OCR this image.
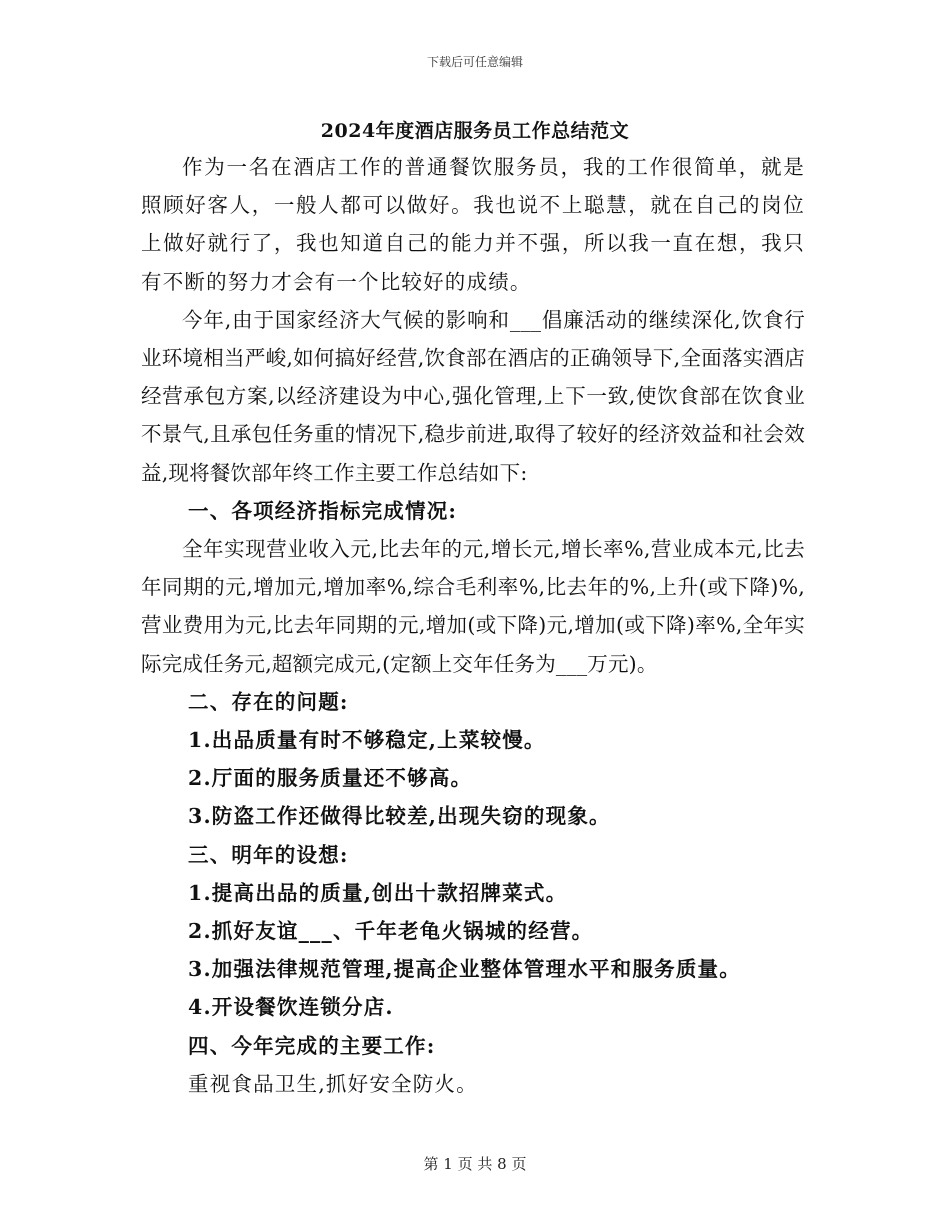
下载后可任意编辑
2024年度酒店服务员工作总结范文

作为一名在酒店工作的普通餐饮服务员，我的工作很简单，就是照顾好客人，一般人都可以做好。我也说不上聪慧，就在自己的岗位上做好就行了，我也知道自己的能力并不强，所以我一直在想，我只有不断的努力才会有一个比较好的成绩。

今年,由于国家经济大气候的影响和___倡廉活动的继续深化,饮食行业环境相当严峻,如何搞好经营,饮食部在酒店的正确领导下,全面落实酒店经营承包方案,以经济建设为中心,强化管理,上下一致,使饮食部在饮食业不景气,且承包任务重的情况下,稳步前进,取得了较好的经济效益和社会效益,现将餐饮部年终工作主要工作总结如下:

一、各项经济指标完成情况:

全年实现营业收入元,比去年的元,增长元,增长率%,营业成本元,比去年同期的元,增加元,增加率%,综合毛利率%,比去年的%,上升(或下降)%,营业费用为元,比去年同期的元,增加(或下降)元,增加(或下降)率%,全年实际完成任务元,超额完成元,(定额上交年任务为___万元)。

二、存在的问题:

1.出品质量有时不够稳定,上菜较慢。

2.厅面的服务质量还不够高。

3.防盗工作还做得比较差,出现失窃的现象。

三、明年的设想:

1.提高出品的质量,创出十款招牌菜式。

2.抓好友谊___、千年老龟火锅城的经营。

3.加强法律规范管理,提高企业整体管理水平和服务质量。

4.开设餐饮连锁分店.

四、今年完成的主要工作:

重视食品卫生,抓好安全防火。

第 1 页 共 8 页
